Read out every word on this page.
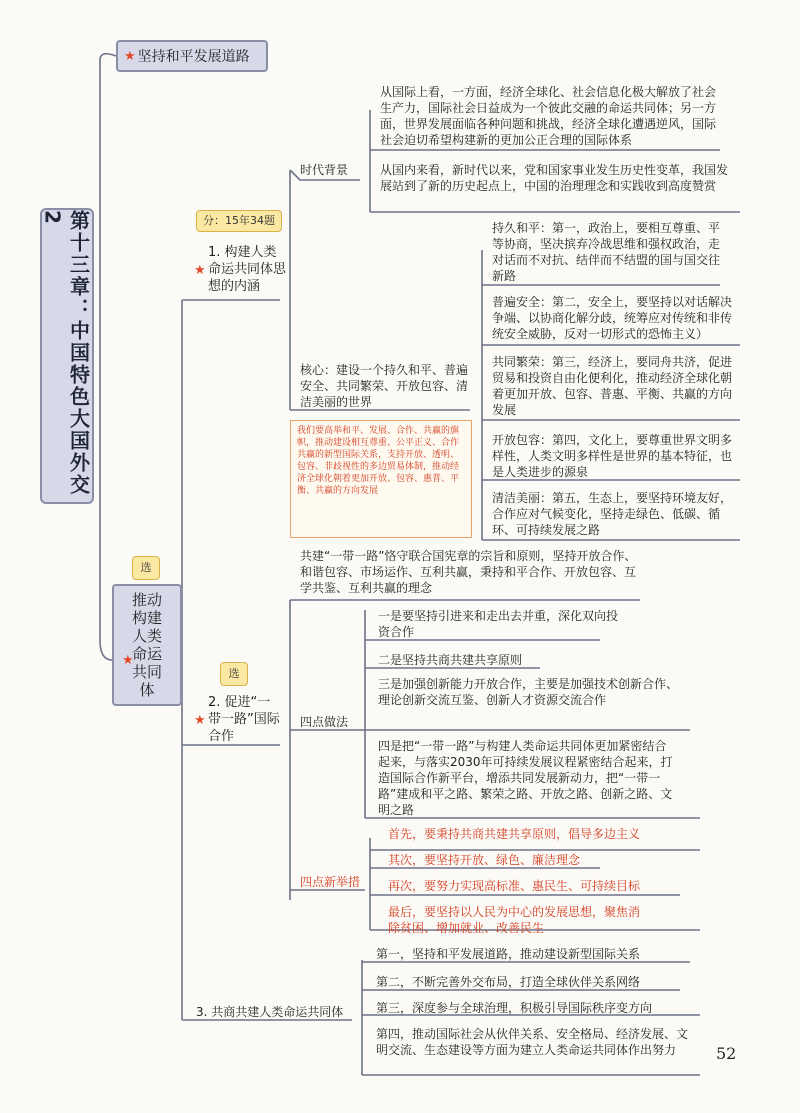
第十三章：中国特色大国外交2
★ 坚持和平发展道路
选
★
推动构建人类命运共同体
分：15年34题
★
1. 构建人类命运共同体思想的内涵
时代背景
从国际上看，一方面，经济全球化、社会信息化极大解放了社会生产力，国际社会日益成为一个彼此交融的命运共同体；另一方面，世界发展面临各种问题和挑战，经济全球化遭遇逆风，国际社会迫切希望构建新的更加公正合理的国际体系
从国内来看，新时代以来，党和国家事业发生历史性变革，我国发展站到了新的历史起点上，中国的治理理念和实践收到高度赞赏
核心：建设一个持久和平、普遍安全、共同繁荣、开放包容、清洁美丽的世界
持久和平：第一，政治上，要相互尊重、平等协商，坚决摈弃冷战思维和强权政治，走对话而不对抗、结伴而不结盟的国与国交往新路
普遍安全：第二，安全上，要坚持以对话解决争端、以协商化解分歧，统筹应对传统和非传统安全威胁，反对一切形式的恐怖主义）
共同繁荣：第三，经济上，要同舟共济，促进贸易和投资自由化便利化，推动经济全球化朝着更加开放、包容、普惠、平衡、共赢的方向发展
开放包容：第四，文化上，要尊重世界文明多样性，人类文明多样性是世界的基本特征，也是人类进步的源泉
清洁美丽：第五，生态上，要坚持环境友好，合作应对气候变化，坚持走绿色、低碳、循环、可持续发展之路
我们要高举和平、发展、合作、共赢的旗帜，推动建设相互尊重、公平正义、合作共赢的新型国际关系，支持开放、透明、包容、非歧视性的多边贸易体制，推动经济全球化朝着更加开放、包容、惠普、平衡、共赢的方向发展
共建“一带一路”恪守联合国宪章的宗旨和原则，坚持开放合作、和谐包容、市场运作、互利共赢，秉持和平合作、开放包容、互学共鉴、互利共赢的理念
选
★
2. 促进“一带一路”国际合作
四点做法
一是要坚持引进来和走出去并重，深化双向投资合作
二是坚持共商共建共享原则
三是加强创新能力开放合作，主要是加强技术创新合作、理论创新交流互鉴、创新人才资源交流合作
四是把“一带一路”与构建人类命运共同体更加紧密结合起来，与落实2030年可持续发展议程紧密结合起来，打造国际合作新平台，增添共同发展新动力，把“一带一路”建成和平之路、繁荣之路、开放之路、创新之路、文明之路
四点新举措
首先，要秉持共商共建共享原则，倡导多边主义
其次，要坚持开放、绿色、廉洁理念
再次，要努力实现高标准、惠民生、可持续目标
最后，要坚持以人民为中心的发展思想，聚焦消除贫困、增加就业、改善民生
3. 共商共建人类命运共同体
第一，坚持和平发展道路，推动建设新型国际关系
第二，不断完善外交布局，打造全球伙伴关系网络
第三，深度参与全球治理，积极引导国际秩序变方向
第四，推动国际社会从伙伴关系、安全格局、经济发展、文明交流、生态建设等方面为建立人类命运共同体作出努力	52
